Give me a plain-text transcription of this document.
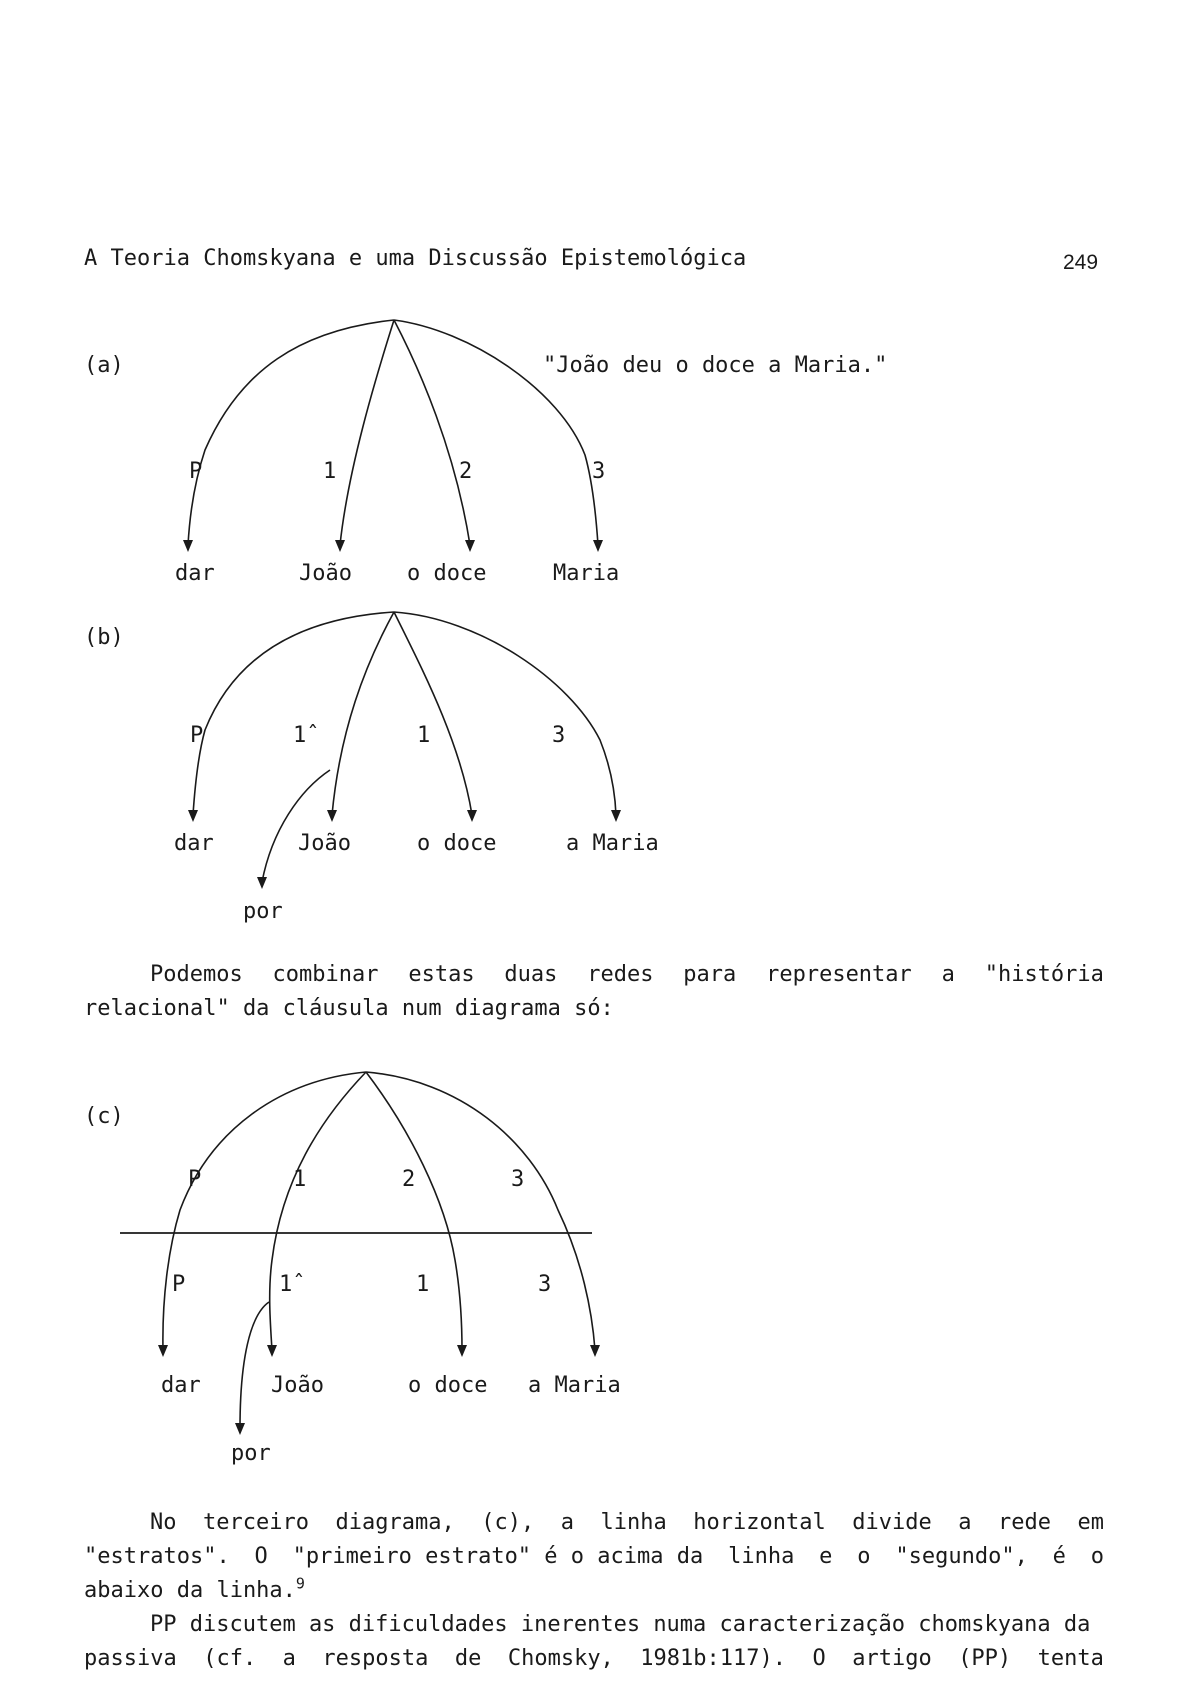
A Teoria Chomskyana e uma Discussão Epistemológica	249
(a)	"João deu o doce a Maria."
P	1	2	3
dar	João	o doce	Maria
(b)
P	1̂	1	3
dar	João	o doce	a Maria
por
Podemos combinar estas duas redes para representar a "história
relacional" da cláusula num diagrama só:
(c)
P	1	2	3
P	1̂	1	3
dar	João	o doce a Maria
por
No terceiro diagrama, (c), a linha horizontal divide a rede em
"estratos". O "primeiro estrato" é o acima da linha e o "segundo", é o
abaixo da linha.$^9$
PP discutem as dificuldades inerentes numa caracterização chomskyana da
passiva (cf. a resposta de Chomsky, 1981b:117). O artigo (PP) tenta
